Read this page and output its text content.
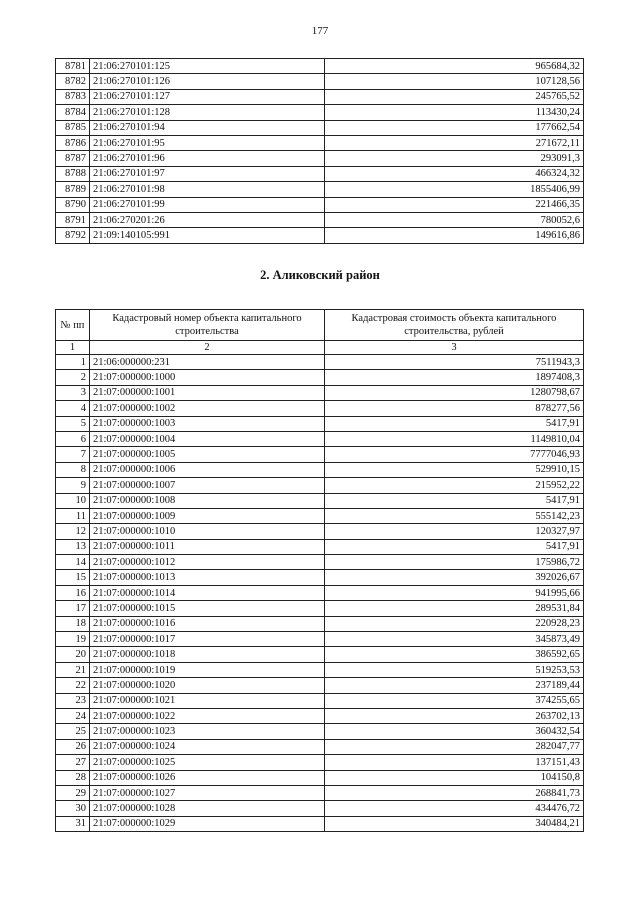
177
8781	21:06:270101:125	965684,32
8782	21:06:270101:126	107128,56
8783	21:06:270101:127	245765,52
8784	21:06:270101:128	113430,24
8785	21:06:270101:94	177662,54
8786	21:06:270101:95	271672,11
8787	21:06:270101:96	293091,3
8788	21:06:270101:97	466324,32
8789	21:06:270101:98	1855406,99
8790	21:06:270101:99	221466,35
8791	21:06:270201:26	780052,6
8792	21:09:140105:991	149616,86
2. Аликовский район
№ пп	Кадастровый номер объекта капитального строительства	Кадастровая стоимость объекта капитального строительства, рублей
1	2	3
1	21:06:000000:231	7511943,3
2	21:07:000000:1000	1897408,3
3	21:07:000000:1001	1280798,67
4	21:07:000000:1002	878277,56
5	21:07:000000:1003	5417,91
6	21:07:000000:1004	1149810,04
7	21:07:000000:1005	7777046,93
8	21:07:000000:1006	529910,15
9	21:07:000000:1007	215952,22
10	21:07:000000:1008	5417,91
11	21:07:000000:1009	555142,23
12	21:07:000000:1010	120327,97
13	21:07:000000:1011	5417,91
14	21:07:000000:1012	175986,72
15	21:07:000000:1013	392026,67
16	21:07:000000:1014	941995,66
17	21:07:000000:1015	289531,84
18	21:07:000000:1016	220928,23
19	21:07:000000:1017	345873,49
20	21:07:000000:1018	386592,65
21	21:07:000000:1019	519253,53
22	21:07:000000:1020	237189,44
23	21:07:000000:1021	374255,65
24	21:07:000000:1022	263702,13
25	21:07:000000:1023	360432,54
26	21:07:000000:1024	282047,77
27	21:07:000000:1025	137151,43
28	21:07:000000:1026	104150,8
29	21:07:000000:1027	268841,73
30	21:07:000000:1028	434476,72
31	21:07:000000:1029	340484,21
